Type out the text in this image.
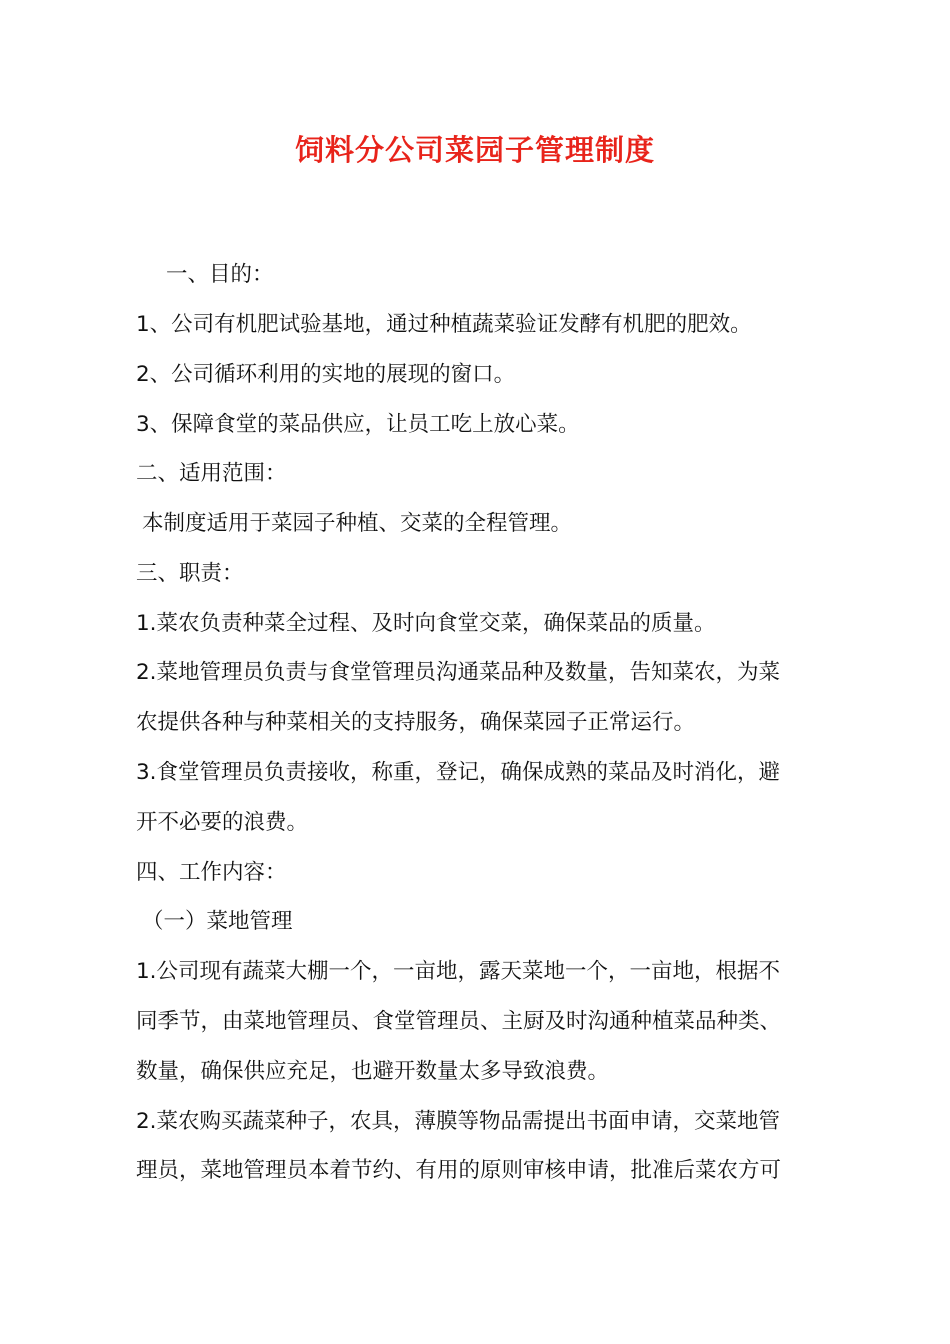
饲料分公司菜园子管理制度
一、目的：
1、公司有机肥试验基地，通过种植蔬菜验证发酵有机肥的肥效。
2、公司循环利用的实地的展现的窗口。
3、保障食堂的菜品供应，让员工吃上放心菜。
二、适用范围：
本制度适用于菜园子种植、交菜的全程管理。
三、职责：
1.菜农负责种菜全过程、及时向食堂交菜，确保菜品的质量。
2.菜地管理员负责与食堂管理员沟通菜品种及数量，告知菜农，为菜
农提供各种与种菜相关的支持服务，确保菜园子正常运行。
3.食堂管理员负责接收，称重，登记，确保成熟的菜品及时消化，避
开不必要的浪费。
四、工作内容：
（一）菜地管理
1.公司现有蔬菜大棚一个，一亩地，露天菜地一个，一亩地，根据不
同季节，由菜地管理员、食堂管理员、主厨及时沟通种植菜品种类、
数量，确保供应充足，也避开数量太多导致浪费。
2.菜农购买蔬菜种子，农具，薄膜等物品需提出书面申请，交菜地管
理员，菜地管理员本着节约、有用的原则审核申请，批准后菜农方可
